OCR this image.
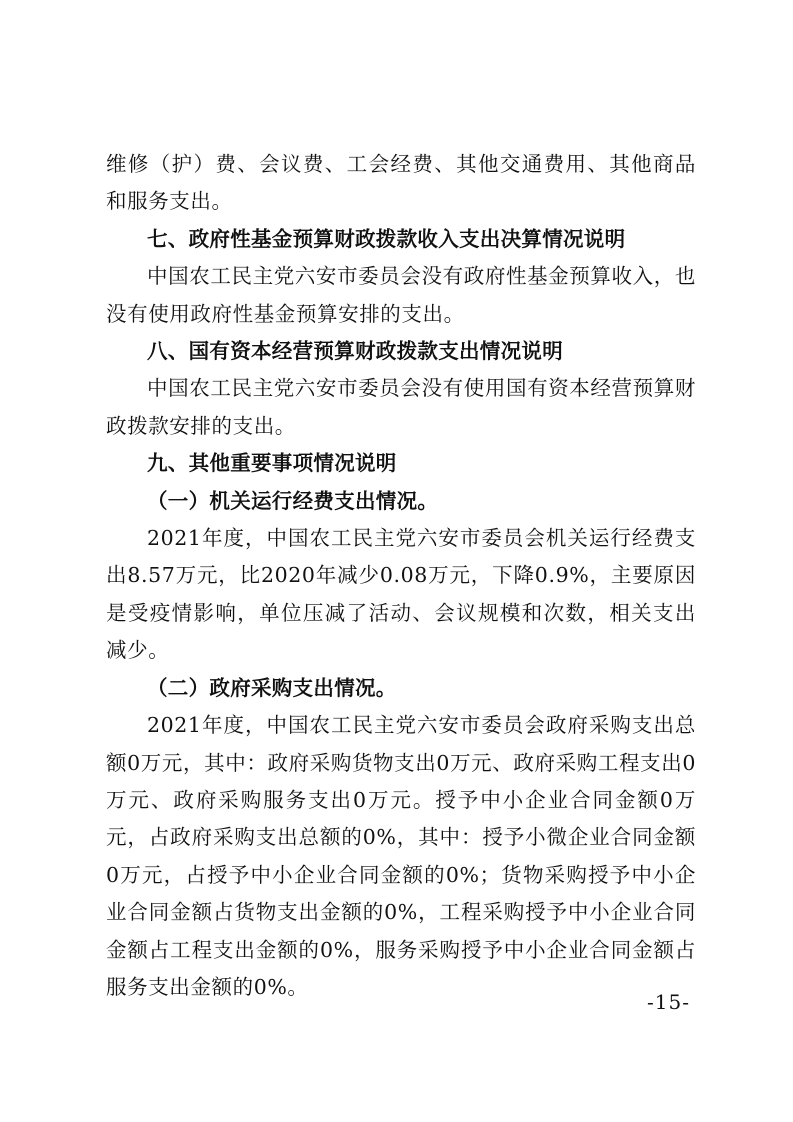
维修（护）费、会议费、工会经费、其他交通费用、其他商品和服务支出。

七、政府性基金预算财政拨款收入支出决算情况说明

中国农工民主党六安市委员会没有政府性基金预算收入，也没有使用政府性基金预算安排的支出。

八、国有资本经营预算财政拨款支出情况说明

中国农工民主党六安市委员会没有使用国有资本经营预算财政拨款安排的支出。

九、其他重要事项情况说明

（一）机关运行经费支出情况。

2021年度，中国农工民主党六安市委员会机关运行经费支出8.57万元，比2020年减少0.08万元，下降0.9%，主要原因是受疫情影响，单位压减了活动、会议规模和次数，相关支出减少。

（二）政府采购支出情况。

2021年度，中国农工民主党六安市委员会政府采购支出总额0万元，其中：政府采购货物支出0万元、政府采购工程支出0万元、政府采购服务支出0万元。授予中小企业合同金额0万元，占政府采购支出总额的0%，其中：授予小微企业合同金额0万元，占授予中小企业合同金额的0%；货物采购授予中小企业合同金额占货物支出金额的0%，工程采购授予中小企业合同金额占工程支出金额的0%，服务采购授予中小企业合同金额占服务支出金额的0%。

-15-
